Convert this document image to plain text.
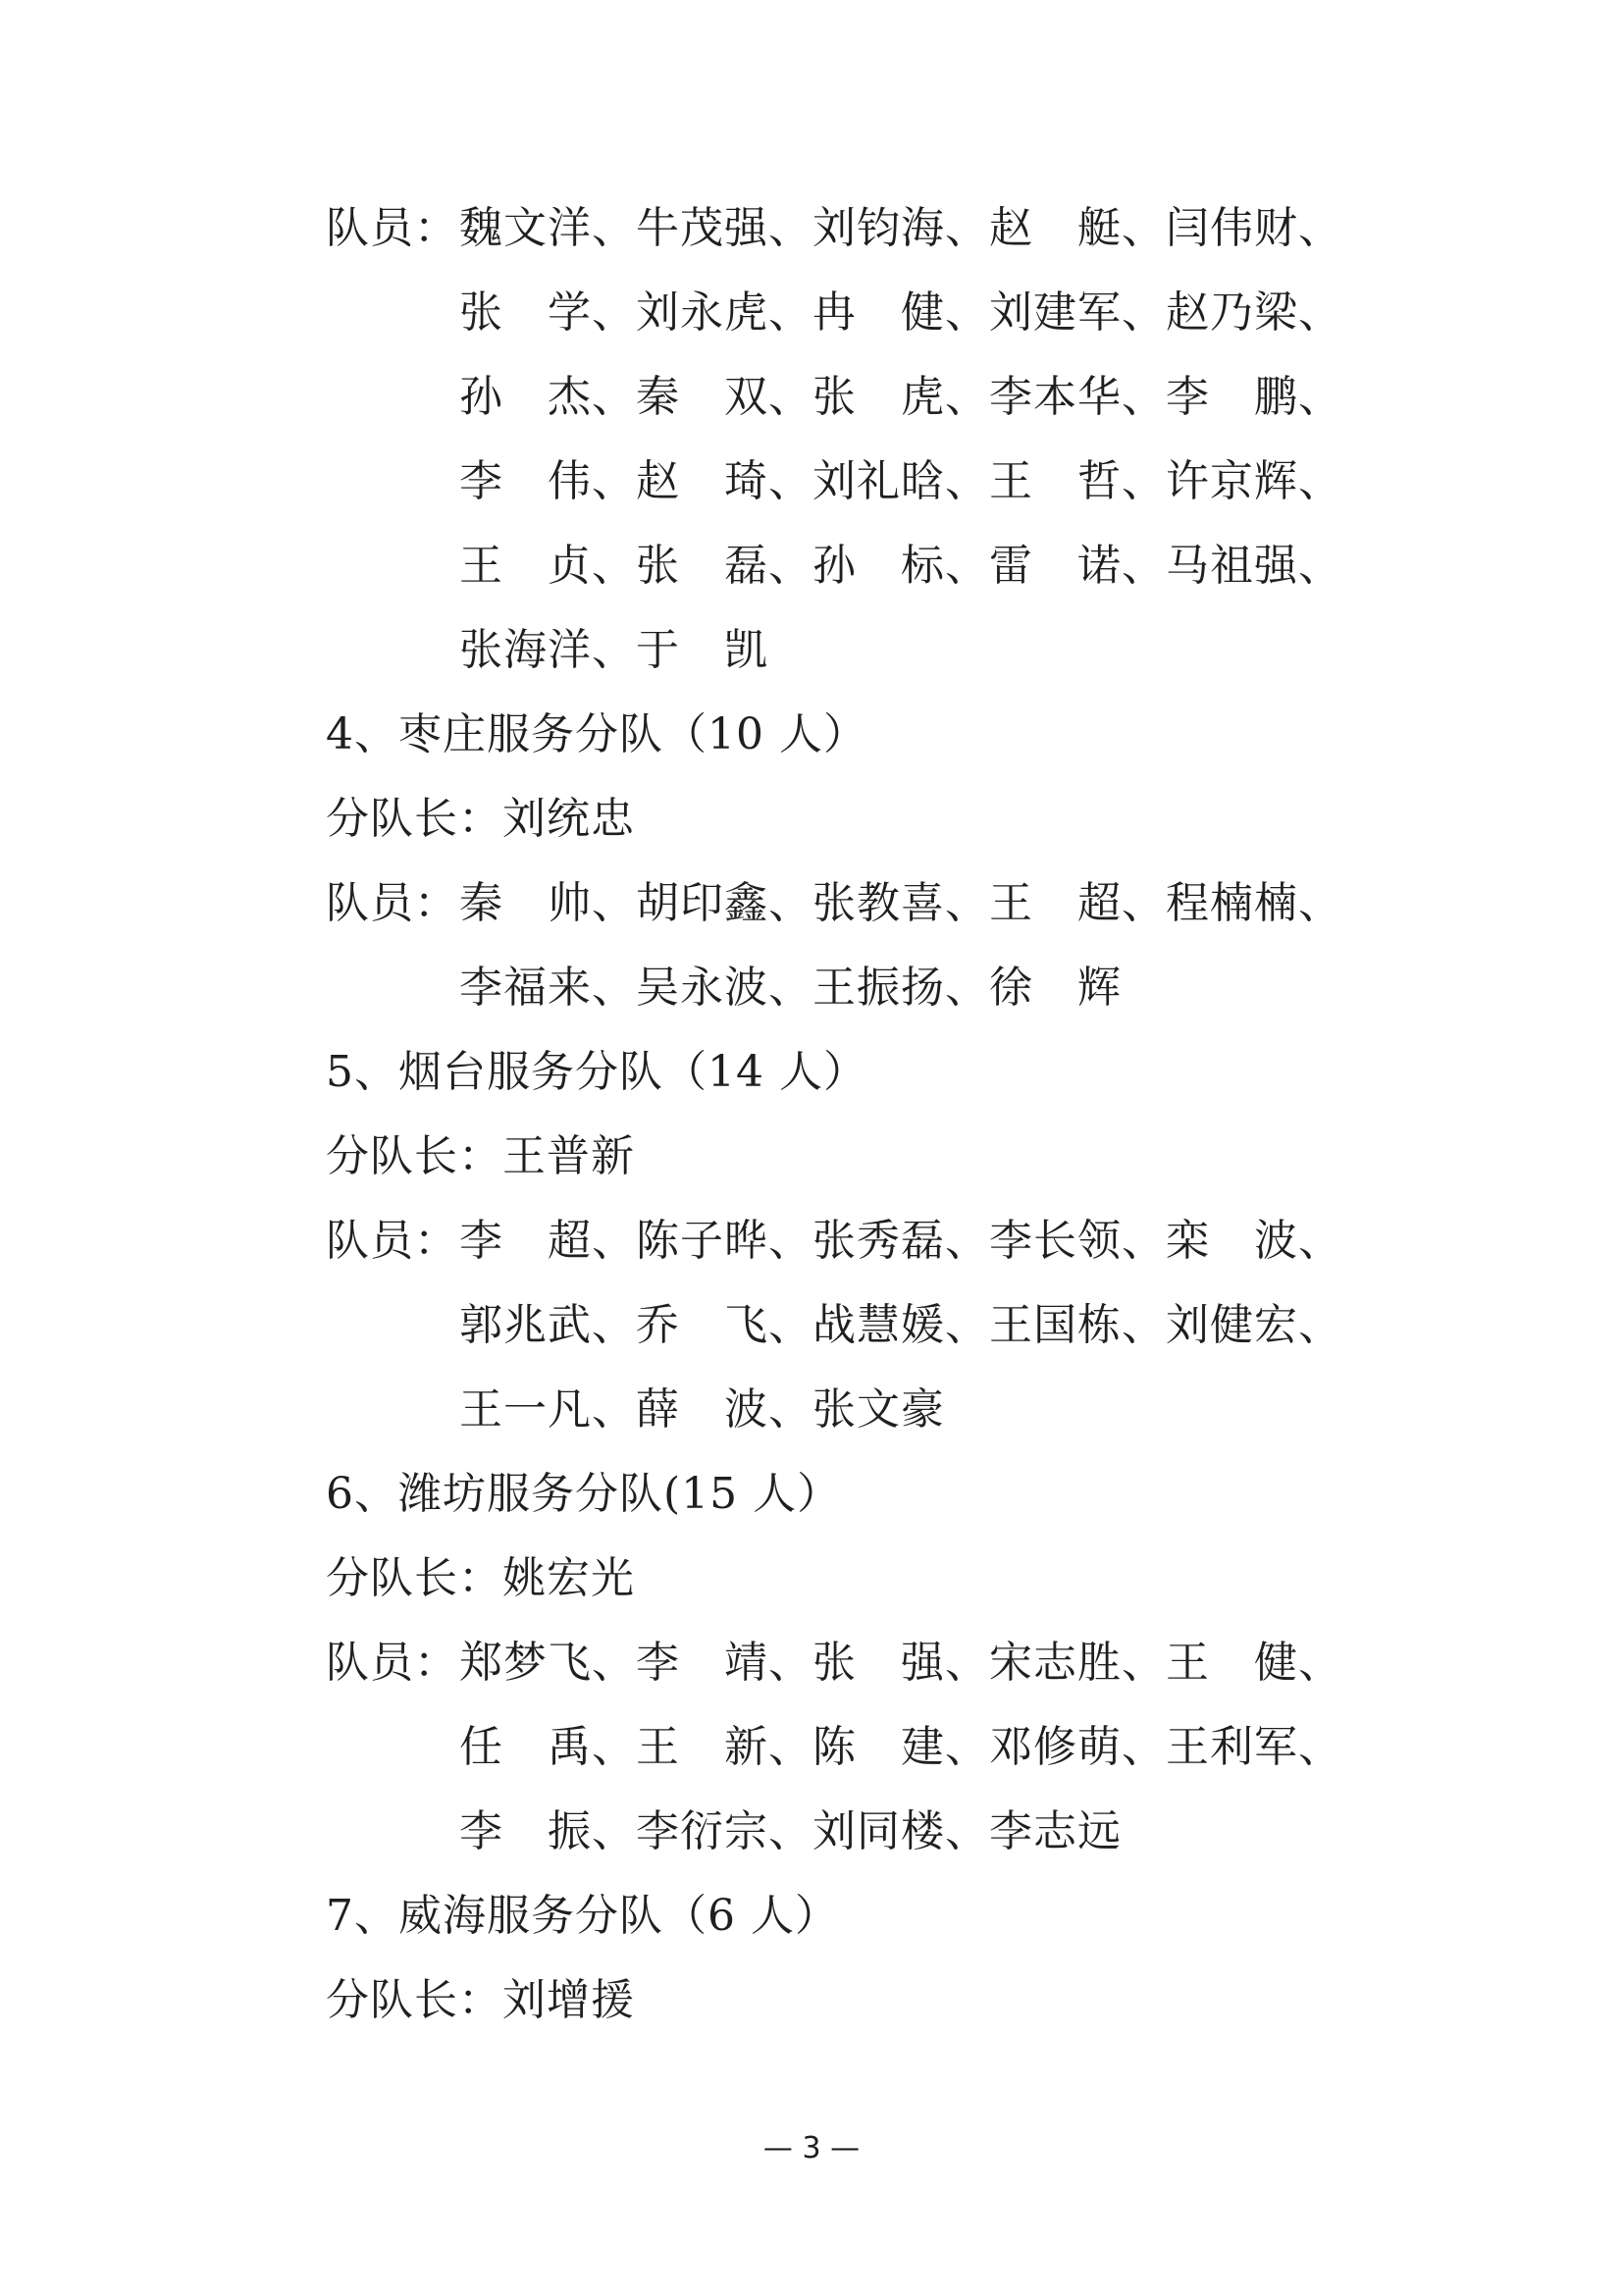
队员： 魏文洋、牛茂强、刘钧海、赵　艇、闫伟财、
张　学、刘永虎、冉　健、刘建军、赵乃梁、
孙　杰、秦　双、张　虎、李本华、李　鹏、
李　伟、赵　琦、刘礼晗、王　哲、许京辉、
王　贞、张　磊、孙　标、雷　诺、马祖强、
张海洋、于　凯
4、枣庄服务分队（10 人）
分队长：刘统忠
队员： 秦　帅、胡印鑫、张教喜、王　超、程楠楠、
李福来、吴永波、王振扬、徐　辉
5、烟台服务分队（14 人）
分队长：王普新
队员： 李　超、陈子晔、张秀磊、李长领、栾　波、
郭兆武、乔　飞、战慧媛、王国栋、刘健宏、
王一凡、薛　波、张文豪
6、潍坊服务分队(15 人）
分队长：姚宏光
队员： 郑梦飞、李　靖、张　强、宋志胜、王　健、
任　禹、王　新、陈　建、邓修萌、王利军、
李　振、李衍宗、刘同楼、李志远
7、威海服务分队（6 人）
分队长：刘增援
— 3 —
